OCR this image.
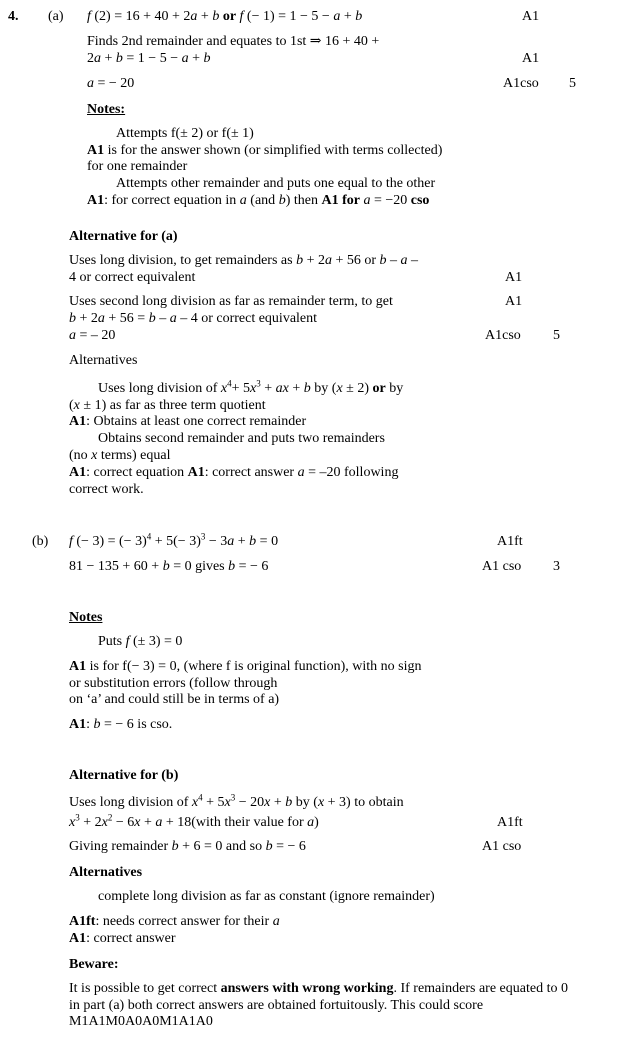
4. (a) f (2) = 16 + 40 + 2a + b or f (− 1) = 1 − 5 − a + b
Finds 2nd remainder and equates to 1st ⇒ 16 + 40 +
2a + b = 1 − 5 − a + b
a = − 20
A1
A1
A1cso 5
Notes:
Attempts f(± 2) or f(± 1)
A1 is for the answer shown (or simplified with terms collected)
for one remainder
Attempts other remainder and puts one equal to the other
A1: for correct equation in a (and b) then A1 for a = −20 cso
Alternative for (a)
Uses long division, to get remainders as b + 2a + 56 or b – a –
4 or correct equivalent
Uses second long division as far as remainder term, to get
b + 2a + 56 = b – a – 4 or correct equivalent
a = – 20
A1
A1
A1cso 5
Alternatives
Uses long division of $x^4+ 5x^3$ + ax + b by (x ± 2) or by
(x ± 1) as far as three term quotient
A1: Obtains at least one correct remainder
Obtains second remainder and puts two remainders
(no x terms) equal
A1: correct equation A1: correct answer a = –20 following
correct work.
(b) f (− 3) = (− $3)^4 + 5(- 3)^3 - 3a + b = 0$
81 − 135 + 60 + b = 0 gives b = − 6
A1ft
A1 cso 3
Notes
Puts f (± 3) = 0
A1 is for f(− 3) = 0, (where f is original function), with no sign
or substitution errors (follow through
on ‘a’ and could still be in terms of a)
A1: b = − 6 is cso.
Alternative for (b)
Uses long division of $x^4 + 5x^3 - 20x + b$ by (x + 3) to obtain
$x^3 + 2x^2 - 6x + a$ + 18(with their value for a)
Giving remainder b + 6 = 0 and so b = − 6
A1ft
A1 cso
Alternatives
complete long division as far as constant (ignore remainder)
A1ft: needs correct answer for their a
A1: correct answer
Beware:
It is possible to get correct answers with wrong working. If remainders are equated to 0
in part (a) both correct answers are obtained fortuitously. This could score
M1A1M0A0A0M1A1A0
